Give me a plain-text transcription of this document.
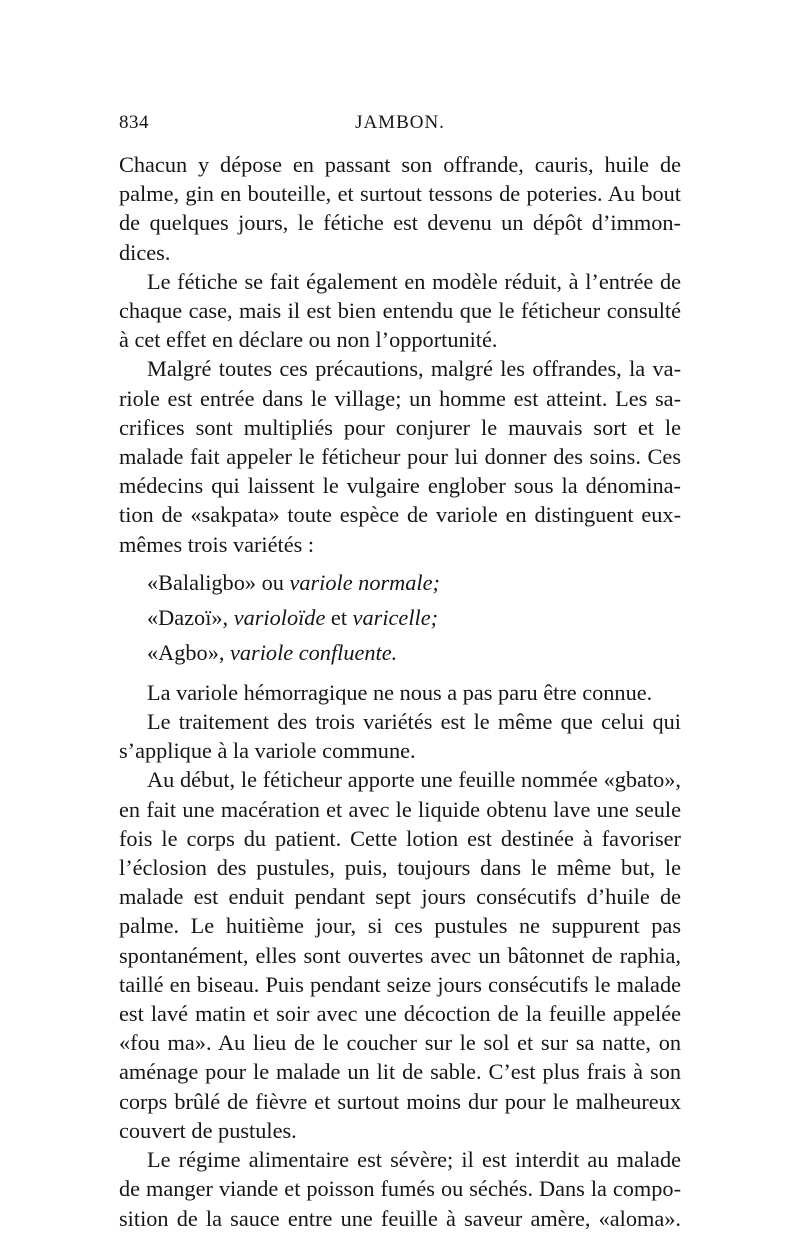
834	JAMBON.

Chacun y dépose en passant son offrande, cauris, huile de palme, gin en bouteille, et surtout tessons de poteries. Au bout de quelques jours, le fétiche est devenu un dépôt d’immon- dices.

Le fétiche se fait également en modèle réduit, à l’entrée de chaque case, mais il est bien entendu que le féticheur consulté à cet effet en déclare ou non l’opportunité.

Malgré toutes ces précautions, malgré les offrandes, la va- riole est entrée dans le village; un homme est atteint. Les sa- crifices sont multipliés pour conjurer le mauvais sort et le malade fait appeler le féticheur pour lui donner des soins. Ces médecins qui laissent le vulgaire englober sous la dénomina- tion de «sakpata» toute espèce de variole en distinguent eux- mêmes trois variétés :

«Balaligbo» ou variole normale;
«Dazoï», varioloïde et varicelle;
«Agbo», variole confluente.

La variole hémorragique ne nous a pas paru être connue.

Le traitement des trois variétés est le même que celui qui s’applique à la variole commune.

Au début, le féticheur apporte une feuille nommée «gbato», en fait une macération et avec le liquide obtenu lave une seule fois le corps du patient. Cette lotion est destinée à favoriser l’éclosion des pustules, puis, toujours dans le même but, le malade est enduit pendant sept jours consécutifs d’huile de palme. Le huitième jour, si ces pustules ne suppurent pas spontanément, elles sont ouvertes avec un bâtonnet de raphia, taillé en biseau. Puis pendant seize jours consécutifs le malade est lavé matin et soir avec une décoction de la feuille appelée «fou ma». Au lieu de le coucher sur le sol et sur sa natte, on aménage pour le malade un lit de sable. C’est plus frais à son corps brûlé de fièvre et surtout moins dur pour le malheureux couvert de pustules.

Le régime alimentaire est sévère; il est interdit au malade de manger viande et poisson fumés ou séchés. Dans la compo- sition de la sauce entre une feuille à saveur amère, «aloma».
